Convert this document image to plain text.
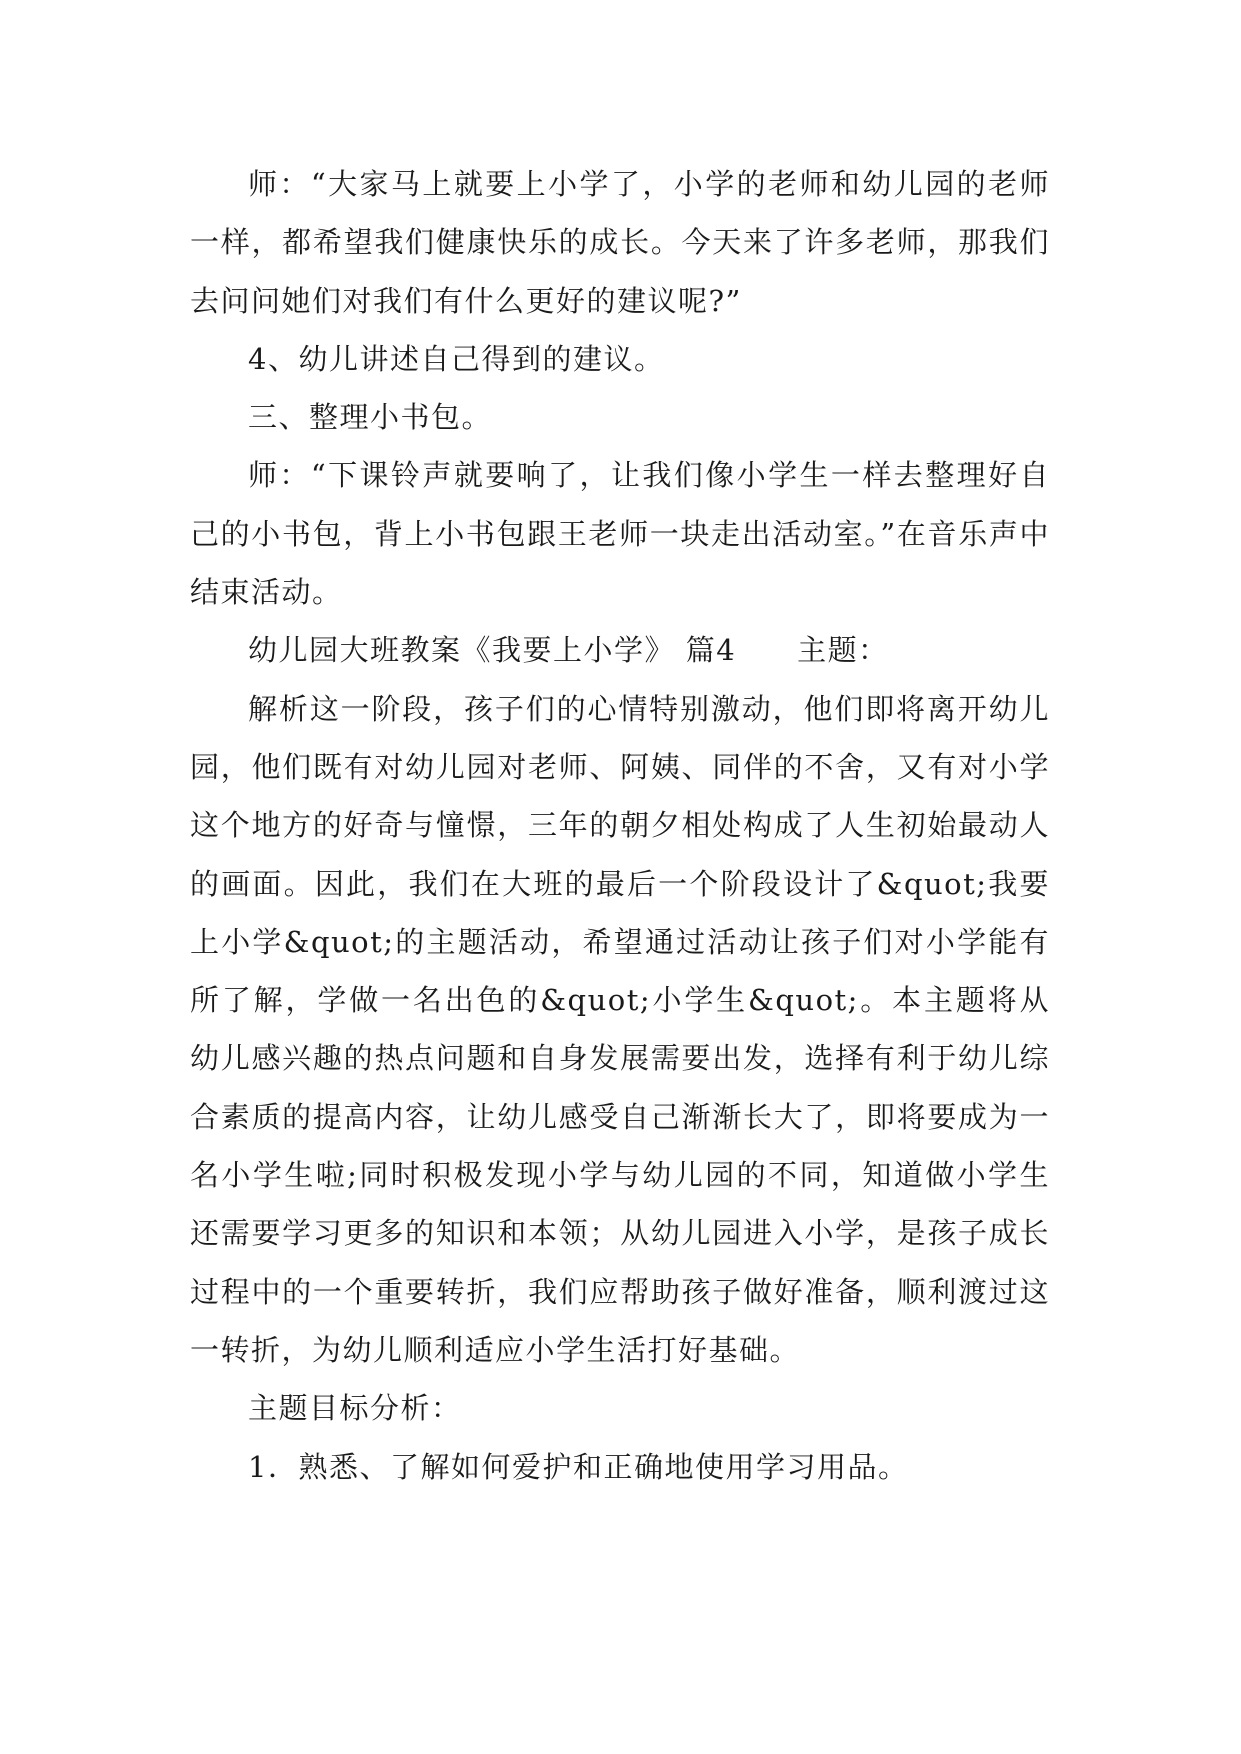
师：“大家马上就要上小学了，小学的老师和幼儿园的老师一样，都希望我们健康快乐的成长。今天来了许多老师，那我们去问问她们对我们有什么更好的建议呢?”

4、幼儿讲述自己得到的建议。

三、整理小书包。

师：“下课铃声就要响了，让我们像小学生一样去整理好自己的小书包，背上小书包跟王老师一块走出活动室。”在音乐声中结束活动。

幼儿园大班教案《我要上小学》 篇4　　主题：

解析这一阶段，孩子们的心情特别激动，他们即将离开幼儿园，他们既有对幼儿园对老师、阿姨、同伴的不舍，又有对小学这个地方的好奇与憧憬，三年的朝夕相处构成了人生初始最动人的画面。因此，我们在大班的最后一个阶段设计了&quot;我要上小学&quot;的主题活动，希望通过活动让孩子们对小学能有所了解，学做一名出色的&quot;小学生&quot;。本主题将从幼儿感兴趣的热点问题和自身发展需要出发，选择有利于幼儿综合素质的提高内容，让幼儿感受自己渐渐长大了，即将要成为一名小学生啦;同时积极发现小学与幼儿园的不同，知道做小学生还需要学习更多的知识和本领；从幼儿园进入小学，是孩子成长过程中的一个重要转折，我们应帮助孩子做好准备，顺利渡过这一转折，为幼儿顺利适应小学生活打好基础。

主题目标分析：

1．熟悉、了解如何爱护和正确地使用学习用品。
